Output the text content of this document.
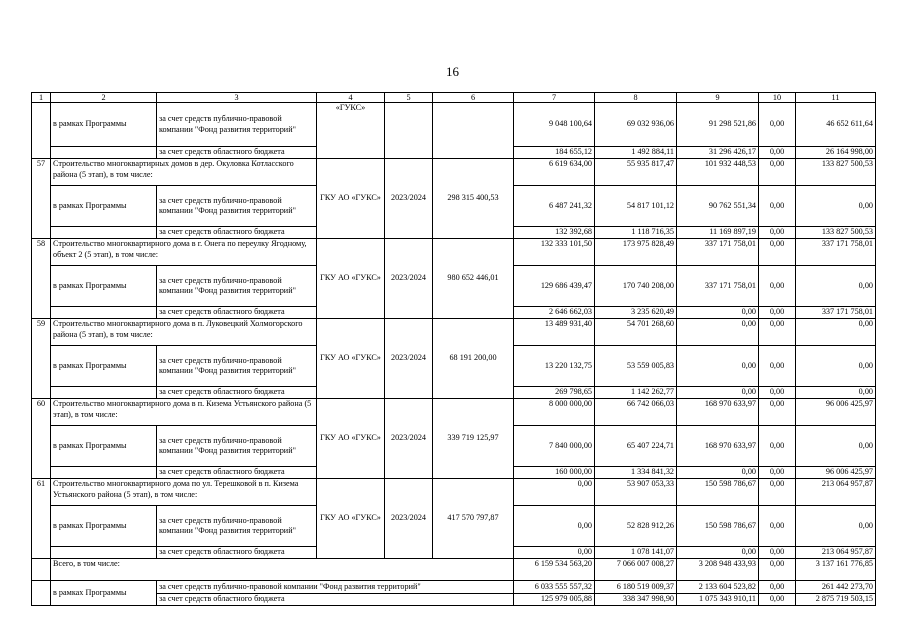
16
1	2	3	4	5	6	7	8	9	10	11
	в рамках Программы	за счет средств публично-правовой компании "Фонд развития территорий"	«ГУКС»			9 048 100,64	69 032 936,06	91 298 521,86	0,00	46 652 611,64
		за счет средств областного бюджета				184 655,12	1 492 884,11	31 296 426,17	0,00	26 164 998,00
57	Строительство многоквартирных домов в дер. Окуловка Котласского района (5 этап), в том числе:		ГКУ АО «ГУКС»	2023/2024	298 315 400,53	6 619 634,00	55 935 817,47	101 932 448,53	0,00	133 827 500,53
	в рамках Программы	за счет средств публично-правовой компании "Фонд развития территорий"				6 487 241,32	54 817 101,12	90 762 551,34	0,00	0,00
		за счет средств областного бюджета				132 392,68	1 118 716,35	11 169 897,19	0,00	133 827 500,53
58	Строительство многоквартирного дома в г. Онега по переулку Ягодному, объект 2 (5 этап), в том числе:		ГКУ АО «ГУКС»	2023/2024	980 652 446,01	132 333 101,50	173 975 828,49	337 171 758,01	0,00	337 171 758,01
	в рамках Программы	за счет средств публично-правовой компании "Фонд развития территорий"				129 686 439,47	170 740 208,00	337 171 758,01	0,00	0,00
		за счет средств областного бюджета				2 646 662,03	3 235 620,49	0,00	0,00	337 171 758,01
59	Строительство многоквартирного дома в п. Луковецкий Холмогорского района (5 этап), в том числе:		ГКУ АО «ГУКС»	2023/2024	68 191 200,00	13 489 931,40	54 701 268,60	0,00	0,00	0,00
	в рамках Программы	за счет средств публично-правовой компании "Фонд развития территорий"				13 220 132,75	53 559 005,83	0,00	0,00	0,00
		за счет средств областного бюджета				269 798,65	1 142 262,77	0,00	0,00	0,00
60	Строительство многоквартирного дома в п. Кизема Устьянского района (5 этап), в том числе:		ГКУ АО «ГУКС»	2023/2024	339 719 125,97	8 000 000,00	66 742 066,03	168 970 633,97	0,00	96 006 425,97
	в рамках Программы	за счет средств публично-правовой компании "Фонд развития территорий"				7 840 000,00	65 407 224,71	168 970 633,97	0,00	0,00
		за счет средств областного бюджета				160 000,00	1 334 841,32	0,00	0,00	96 006 425,97
61	Строительство многоквартирного дома по ул. Терешковой в п. Кизема Устьянского района (5 этап), в том числе:		ГКУ АО «ГУКС»	2023/2024	417 570 797,87	0,00	53 907 053,33	150 598 786,67	0,00	213 064 957,87
	в рамках Программы	за счет средств публично-правовой компании "Фонд развития территорий"				0,00	52 828 912,26	150 598 786,67	0,00	0,00
		за счет средств областного бюджета				0,00	1 078 141,07	0,00	0,00	213 064 957,87
	Всего, в том числе:					6 159 534 563,20	7 066 007 008,27	3 208 948 433,93	0,00	3 137 161 776,85
	в рамках Программы	за счет средств публично-правовой компании "Фонд развития территорий"				6 033 555 557,32	6 180 519 009,37	2 133 604 523,82	0,00	261 442 273,70
		за счет средств областного бюджета				125 979 005,88	338 347 998,90	1 075 343 910,11	0,00	2 875 719 503,15
